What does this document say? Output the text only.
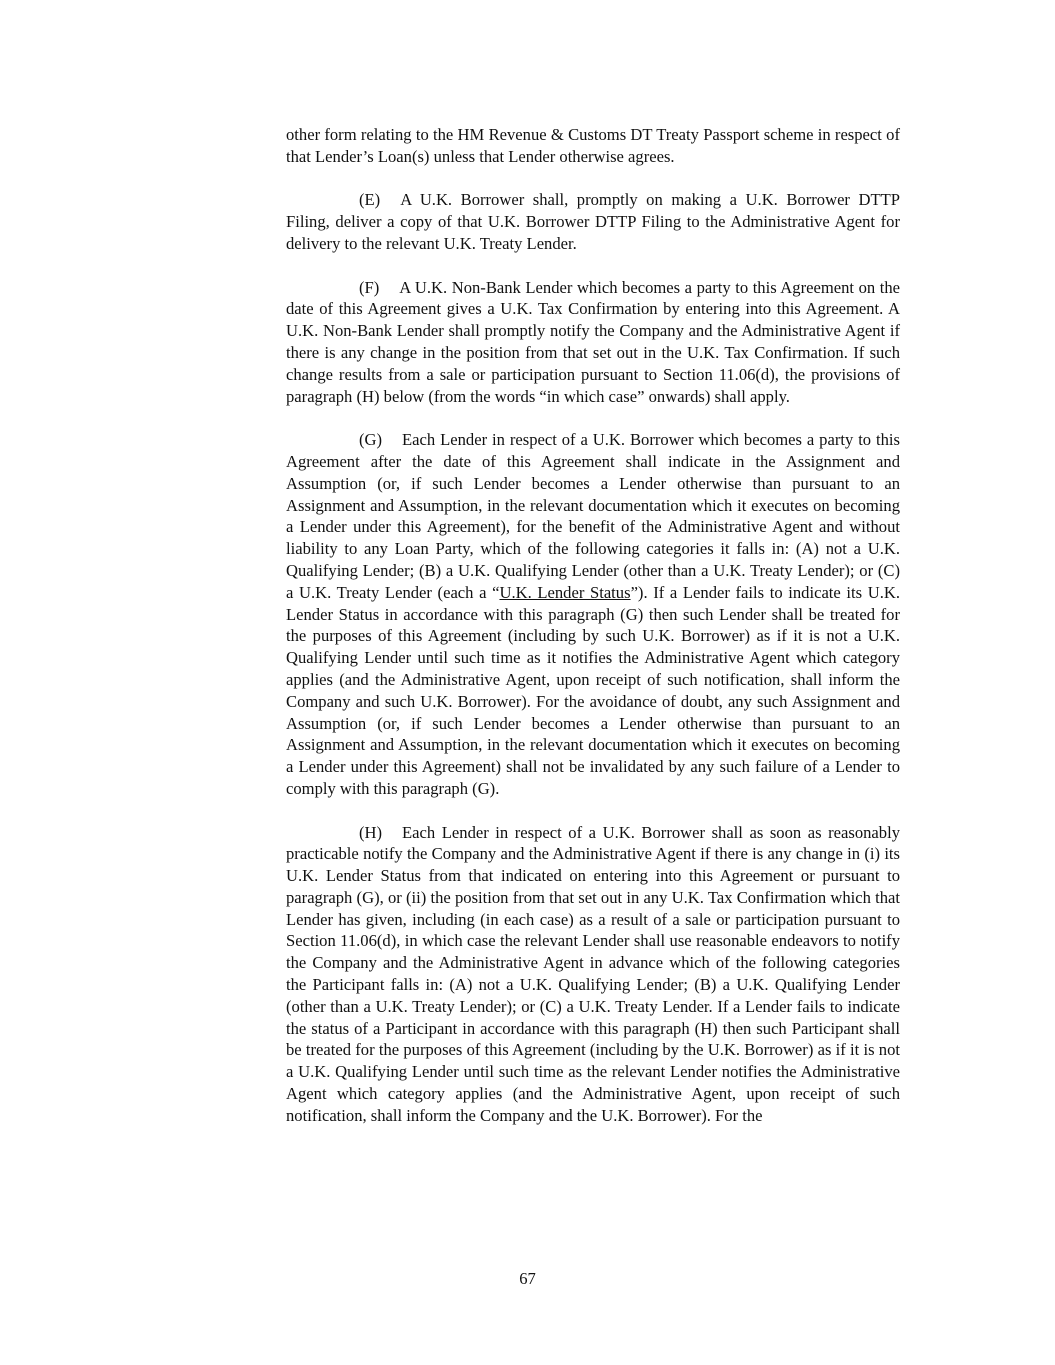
other form relating to the HM Revenue & Customs DT Treaty Passport scheme in respect of that Lender’s Loan(s) unless that Lender otherwise agrees.

(E) A U.K. Borrower shall, promptly on making a U.K. Borrower DTTP Filing, deliver a copy of that U.K. Borrower DTTP Filing to the Administrative Agent for delivery to the relevant U.K. Treaty Lender.

(F) A U.K. Non-Bank Lender which becomes a party to this Agreement on the date of this Agreement gives a U.K. Tax Confirmation by entering into this Agreement. A U.K. Non-Bank Lender shall promptly notify the Company and the Administrative Agent if there is any change in the position from that set out in the U.K. Tax Confirmation. If such change results from a sale or participation pursuant to Section 11.06(d), the provisions of paragraph (H) below (from the words “in which case” onwards) shall apply.

(G) Each Lender in respect of a U.K. Borrower which becomes a party to this Agreement after the date of this Agreement shall indicate in the Assignment and Assumption (or, if such Lender becomes a Lender otherwise than pursuant to an Assignment and Assumption, in the relevant documentation which it executes on becoming a Lender under this Agreement), for the benefit of the Administrative Agent and without liability to any Loan Party, which of the following categories it falls in: (A) not a U.K. Qualifying Lender; (B) a U.K. Qualifying Lender (other than a U.K. Treaty Lender); or (C) a U.K. Treaty Lender (each a “U.K. Lender Status”). If a Lender fails to indicate its U.K. Lender Status in accordance with this paragraph (G) then such Lender shall be treated for the purposes of this Agreement (including by such U.K. Borrower) as if it is not a U.K. Qualifying Lender until such time as it notifies the Administrative Agent which category applies (and the Administrative Agent, upon receipt of such notification, shall inform the Company and such U.K. Borrower). For the avoidance of doubt, any such Assignment and Assumption (or, if such Lender becomes a Lender otherwise than pursuant to an Assignment and Assumption, in the relevant documentation which it executes on becoming a Lender under this Agreement) shall not be invalidated by any such failure of a Lender to comply with this paragraph (G).

(H) Each Lender in respect of a U.K. Borrower shall as soon as reasonably practicable notify the Company and the Administrative Agent if there is any change in (i) its U.K. Lender Status from that indicated on entering into this Agreement or pursuant to paragraph (G), or (ii) the position from that set out in any U.K. Tax Confirmation which that Lender has given, including (in each case) as a result of a sale or participation pursuant to Section 11.06(d), in which case the relevant Lender shall use reasonable endeavors to notify the Company and the Administrative Agent in advance which of the following categories the Participant falls in: (A) not a U.K. Qualifying Lender; (B) a U.K. Qualifying Lender (other than a U.K. Treaty Lender); or (C) a U.K. Treaty Lender. If a Lender fails to indicate the status of a Participant in accordance with this paragraph (H) then such Participant shall be treated for the purposes of this Agreement (including by the U.K. Borrower) as if it is not a U.K. Qualifying Lender until such time as the relevant Lender notifies the Administrative Agent which category applies (and the Administrative Agent, upon receipt of such notification, shall inform the Company and the U.K. Borrower). For the

67
